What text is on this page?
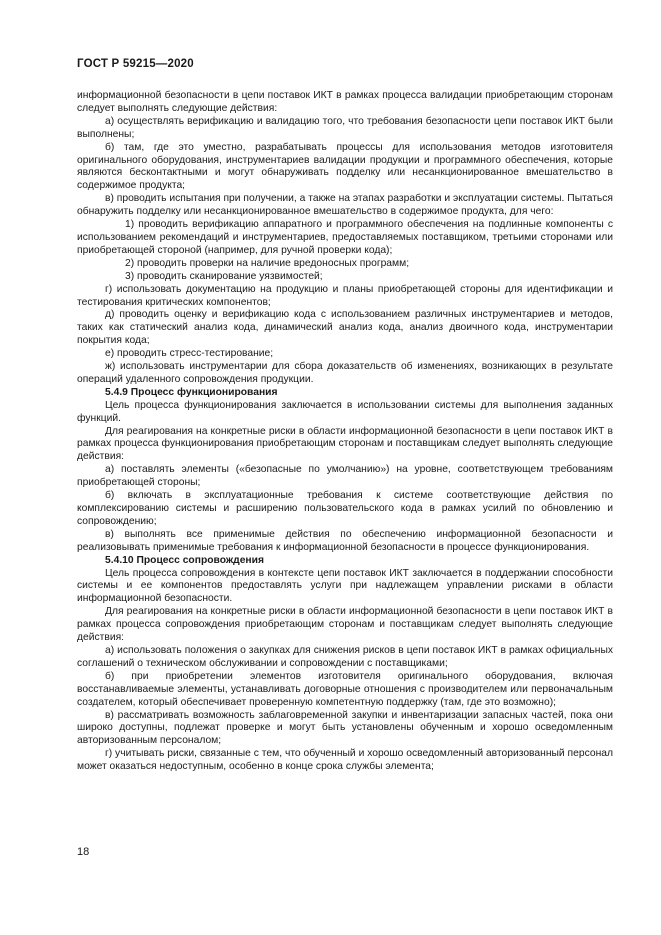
ГОСТ Р 59215—2020

информационной безопасности в цепи поставок ИКТ в рамках процесса валидации приобретающим сторонам следует выполнять следующие действия:

а) осуществлять верификацию и валидацию того, что требования безопасности цепи поставок ИКТ были выполнены;

б) там, где это уместно, разрабатывать процессы для использования методов изготовителя оригинального оборудования, инструментариев валидации продукции и программного обеспечения, которые являются бесконтактными и могут обнаруживать подделку или несанкционированное вмешательство в содержимое продукта;

в) проводить испытания при получении, а также на этапах разработки и эксплуатации системы. Пытаться обнаружить подделку или несанкционированное вмешательство в содержимое продукта, для чего:

1) проводить верификацию аппаратного и программного обеспечения на подлинные компоненты с использованием рекомендаций и инструментариев, предоставляемых поставщиком, третьими сторонами или приобретающей стороной (например, для ручной проверки кода);

2) проводить проверки на наличие вредоносных программ;

3) проводить сканирование уязвимостей;

г) использовать документацию на продукцию и планы приобретающей стороны для идентификации и тестирования критических компонентов;

д) проводить оценку и верификацию кода с использованием различных инструментариев и методов, таких как статический анализ кода, динамический анализ кода, анализ двоичного кода, инструментарии покрытия кода;

е) проводить стресс-тестирование;

ж) использовать инструментарии для сбора доказательств об изменениях, возникающих в результате операций удаленного сопровождения продукции.

5.4.9 Процесс функционирования

Цель процесса функционирования заключается в использовании системы для выполнения заданных функций.

Для реагирования на конкретные риски в области информационной безопасности в цепи поставок ИКТ в рамках процесса функционирования приобретающим сторонам и поставщикам следует выполнять следующие действия:

а) поставлять элементы («безопасные по умолчанию») на уровне, соответствующем требованиям приобретающей стороны;

б) включать в эксплуатационные требования к системе соответствующие действия по комплексированию системы и расширению пользовательского кода в рамках усилий по обновлению и сопровождению;

в) выполнять все применимые действия по обеспечению информационной безопасности и реализовывать применимые требования к информационной безопасности в процессе функционирования.

5.4.10 Процесс сопровождения

Цель процесса сопровождения в контексте цепи поставок ИКТ заключается в поддержании способности системы и ее компонентов предоставлять услуги при надлежащем управлении рисками в области информационной безопасности.

Для реагирования на конкретные риски в области информационной безопасности в цепи поставок ИКТ в рамках процесса сопровождения приобретающим сторонам и поставщикам следует выполнять следующие действия:

а) использовать положения о закупках для снижения рисков в цепи поставок ИКТ в рамках официальных соглашений о техническом обслуживании и сопровождении с поставщиками;

б) при приобретении элементов изготовителя оригинального оборудования, включая восстанавливаемые элементы, устанавливать договорные отношения с производителем или первоначальным создателем, который обеспечивает проверенную компетентную поддержку (там, где это возможно);

в) рассматривать возможность заблаговременной закупки и инвентаризации запасных частей, пока они широко доступны, подлежат проверке и могут быть установлены обученным и хорошо осведомленным авторизованным персоналом;

г) учитывать риски, связанные с тем, что обученный и хорошо осведомленный авторизованный персонал может оказаться недоступным, особенно в конце срока службы элемента;

18
